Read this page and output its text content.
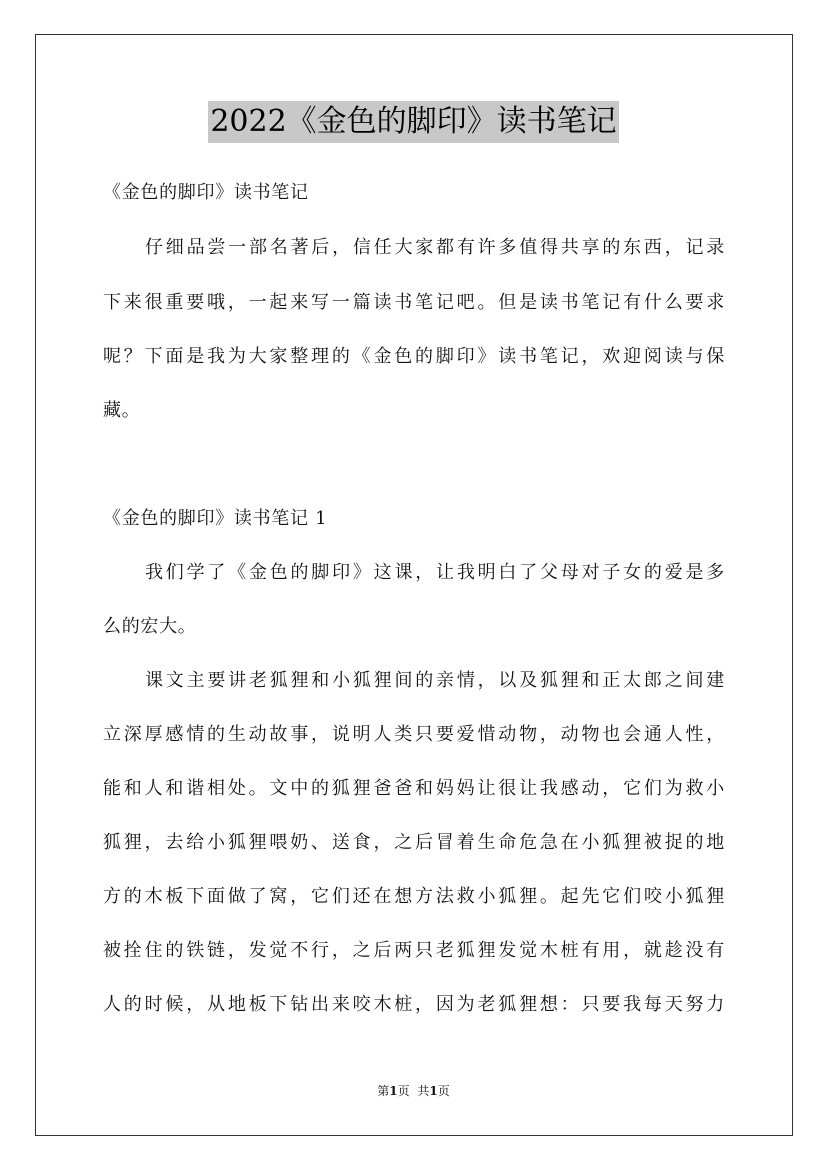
2022《金色的脚印》读书笔记
《金色的脚印》读书笔记
仔细品尝一部名著后，信任大家都有许多值得共享的东西，记录
下来很重要哦，一起来写一篇读书笔记吧。但是读书笔记有什么要求
呢？下面是我为大家整理的《金色的脚印》读书笔记，欢迎阅读与保
藏。
《金色的脚印》读书笔记 1
我们学了《金色的脚印》这课，让我明白了父母对子女的爱是多
么的宏大。
课文主要讲老狐狸和小狐狸间的亲情，以及狐狸和正太郎之间建
立深厚感情的生动故事，说明人类只要爱惜动物，动物也会通人性，
能和人和谐相处。文中的狐狸爸爸和妈妈让很让我感动，它们为救小
狐狸，去给小狐狸喂奶、送食，之后冒着生命危急在小狐狸被捉的地
方的木板下面做了窝，它们还在想方法救小狐狸。起先它们咬小狐狸
被拴住的铁链，发觉不行，之后两只老狐狸发觉木桩有用，就趁没有
人的时候，从地板下钻出来咬木桩，因为老狐狸想：只要我每天努力
第1页 共1页
